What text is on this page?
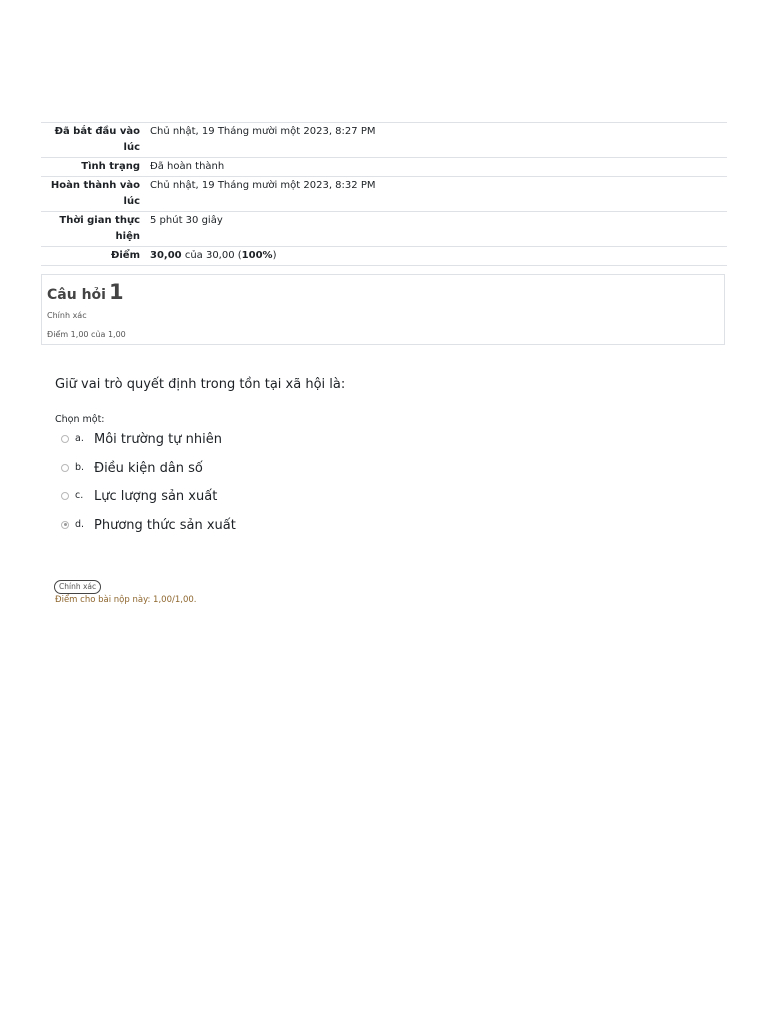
Đã bắt đầu vào lúc	Chủ nhật, 19 Tháng mười một 2023, 8:27 PM
Tình trạng	Đã hoàn thành
Hoàn thành vào lúc	Chủ nhật, 19 Tháng mười một 2023, 8:32 PM
Thời gian thực hiện	5 phút 30 giây
Điểm	30,00 của 30,00 (100%)
Câu hỏi 1
Chính xác
Điểm 1,00 của 1,00
Giữ vai trò quyết định trong tồn tại xã hội là:
Chọn một:
a. Môi trường tự nhiên
b. Điều kiện dân số
c. Lực lượng sản xuất
d. Phương thức sản xuất
Chính xác
Điểm cho bài nộp này: 1,00/1,00.
